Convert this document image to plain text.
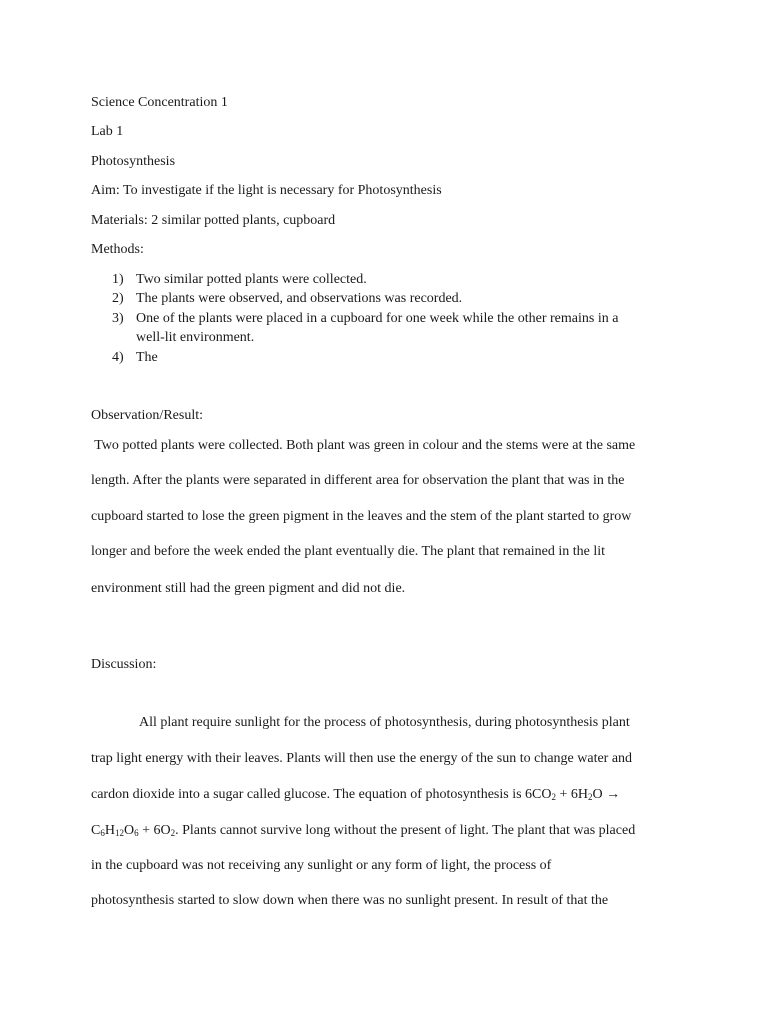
Science Concentration 1
Lab 1
Photosynthesis
Aim: To investigate if the light is necessary for Photosynthesis
Materials: 2 similar potted plants, cupboard
Methods:
1) Two similar potted plants were collected.
2) The plants were observed, and observations was recorded.
3) One of the plants were placed in a cupboard for one week while the other remains in a
well-lit environment.
4) The
Observation/Result:
Two potted plants were collected. Both plant was green in colour and the stems were at the same
length. After the plants were separated in different area for observation the plant that was in the
cupboard started to lose the green pigment in the leaves and the stem of the plant started to grow
longer and before the week ended the plant eventually die. The plant that remained in the lit
environment still had the green pigment and did not die.
Discussion:
All plant require sunlight for the process of photosynthesis, during photosynthesis plant
trap light energy with their leaves. Plants will then use the energy of the sun to change water and
cardon dioxide into a sugar called glucose. The equation of photosynthesis is $6CO_2 + 6H_2O$ →
$C_6H_{12}O_6 + 6O_2$. Plants cannot survive long without the present of light. The plant that was placed
in the cupboard was not receiving any sunlight or any form of light, the process of
photosynthesis started to slow down when there was no sunlight present. In result of that the
